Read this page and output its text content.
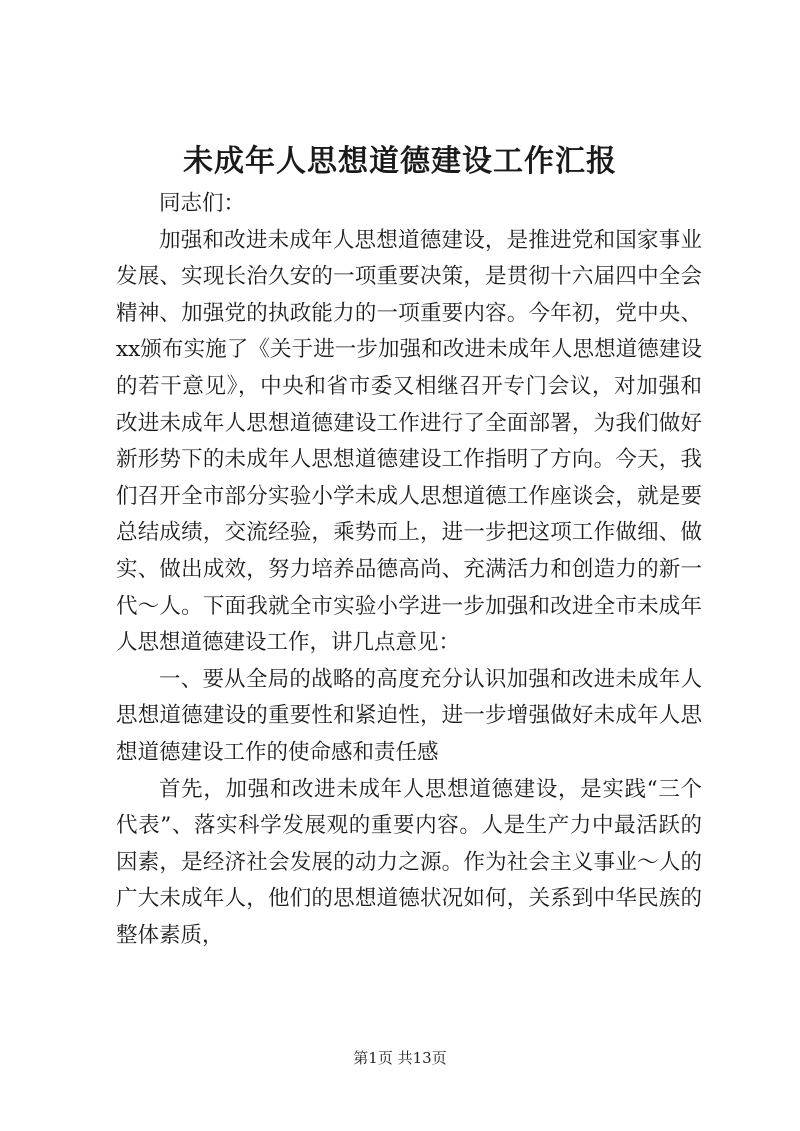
未成年人思想道德建设工作汇报

同志们：

加强和改进未成年人思想道德建设，是推进党和国家事业发展、实现长治久安的一项重要决策，是贯彻十六届四中全会精神、加强党的执政能力的一项重要内容。今年初，党中央、xx颁布实施了《关于进一步加强和改进未成年人思想道德建设的若干意见》，中央和省市委又相继召开专门会议，对加强和改进未成年人思想道德建设工作进行了全面部署，为我们做好新形势下的未成年人思想道德建设工作指明了方向。今天，我们召开全市部分实验小学未成人思想道德工作座谈会，就是要总结成绩，交流经验，乘势而上，进一步把这项工作做细、做实、做出成效，努力培养品德高尚、充满活力和创造力的新一代～人。下面我就全市实验小学进一步加强和改进全市未成年人思想道德建设工作，讲几点意见：

一、要从全局的战略的高度充分认识加强和改进未成年人思想道德建设的重要性和紧迫性，进一步增强做好未成年人思想道德建设工作的使命感和责任感

首先，加强和改进未成年人思想道德建设，是实践“三个代表”、落实科学发展观的重要内容。人是生产力中最活跃的因素，是经济社会发展的动力之源。作为社会主义事业～人的广大未成年人，他们的思想道德状况如何，关系到中华民族的整体素质，

第1页 共13页
